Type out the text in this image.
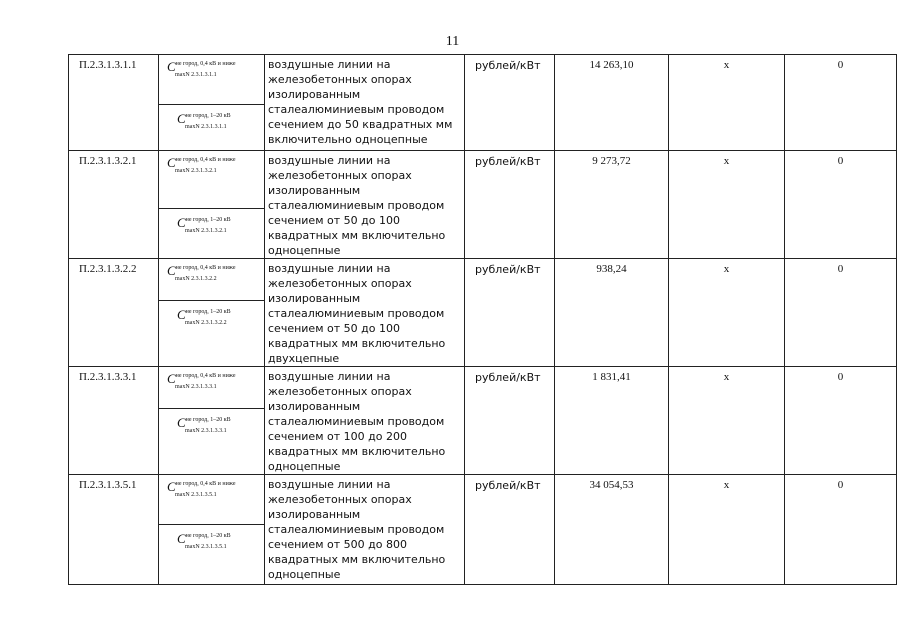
11
П.2.3.1.3.1.1	$C^{не город, 0,4 кВ и ниже}$
maxN 2.3.1.3.1.1
$C^{не город, 1-20 кВ}$
maxN 2.3.1.3.1.1	воздушные линии на железобетонных опорах изолированным сталеалюминиевым проводом сечением до 50 квадратных мм включительно одноцепные	рублей/кВт	14 263,10	x	0
П.2.3.1.3.2.1	$C^{не город, 0,4 кВ и ниже}$
maxN 2.3.1.3.2.1
$C^{не город, 1-20 кВ}$
maxN 2.3.1.3.2.1	воздушные линии на железобетонных опорах изолированным сталеалюминиевым проводом сечением от 50 до 100 квадратных мм включительно одноцепные	рублей/кВт	9 273,72	x	0
П.2.3.1.3.2.2	$C^{не город, 0,4 кВ и ниже}$
maxN 2.3.1.3.2.2
$C^{не город, 1-20 кВ}$
maxN 2.3.1.3.2.2	воздушные линии на железобетонных опорах изолированным сталеалюминиевым проводом сечением от 50 до 100 квадратных мм включительно двухцепные	рублей/кВт	938,24	x	0
П.2.3.1.3.3.1	$C^{не город, 0,4 кВ и ниже}$
maxN 2.3.1.3.3.1
$C^{не город, 1-20 кВ}$
maxN 2.3.1.3.3.1	воздушные линии на железобетонных опорах изолированным сталеалюминиевым проводом сечением от 100 до 200 квадратных мм включительно одноцепные	рублей/кВт	1 831,41	x	0
П.2.3.1.3.5.1	$C^{не город, 0,4 кВ и ниже}$
maxN 2.3.1.3.5.1
$C^{не город, 1-20 кВ}$
maxN 2.3.1.3.5.1	воздушные линии на железобетонных опорах изолированным сталеалюминиевым проводом сечением от 500 до 800 квадратных мм включительно одноцепные	рублей/кВт	34 054,53	x	0
